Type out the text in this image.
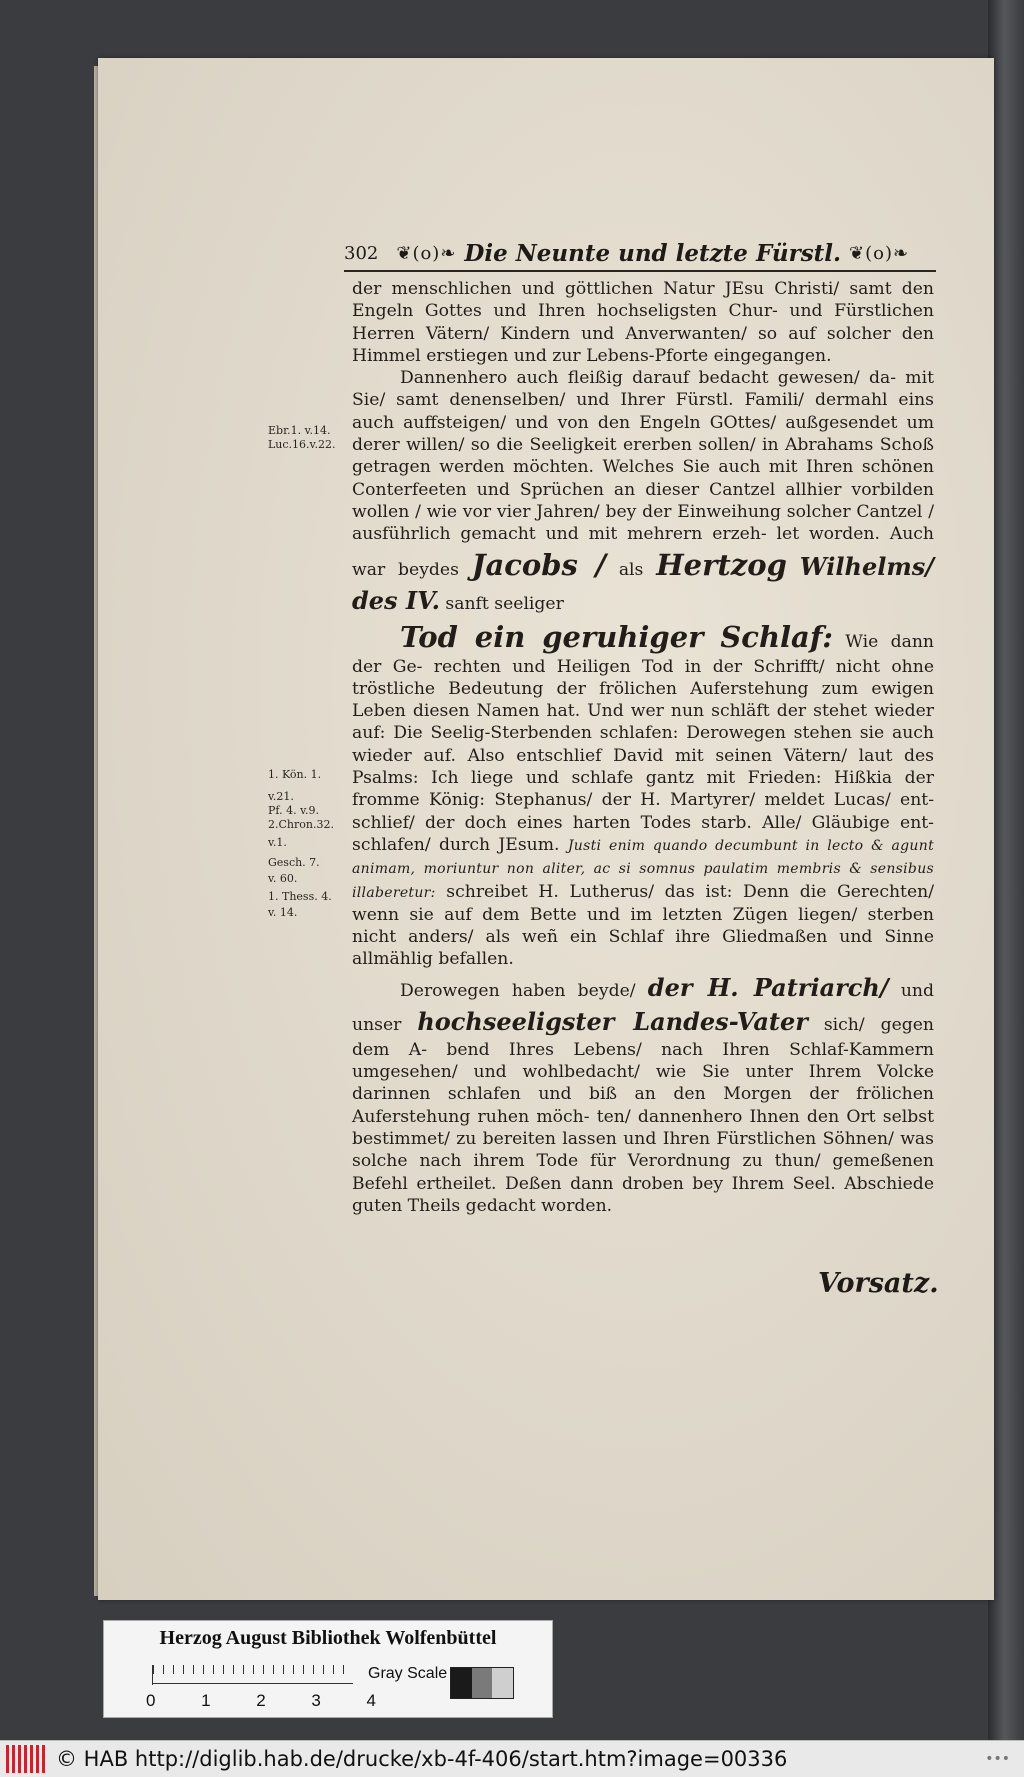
302 ❦(o)❧ Die Neunte und letzte Fürstl. ❦(o)❧
Ebr.1. v.14.
Luc.16.v.22.
1. Kön. 1.
v.21.
Pf. 4. v.9.
2.Chron.32.
v.1.
Gesch. 7.
v. 60.
1. Thess. 4.
v. 14.

der menschlichen und göttlichen Natur JEsu Christi/ samt den Engeln Gottes und Ihren hochseligsten Chur- und Fürstlichen Herren Vätern/ Kindern und Anverwanten/ so auf solcher den Himmel erstiegen und zur Lebens-Pforte eingegangen.

Dannenhero auch fleißig darauf bedacht gewesen/ da- mit Sie/ samt denenselben/ und Ihrer Fürstl. Famili/ dermahl eins auch auffsteigen/ und von den Engeln GOttes/ außgesendet um derer willen/ so die Seeligkeit ererben sollen/ in Abrahams Schoß getragen werden möchten. Welches Sie auch mit Ihren schönen Conterfeeten und Sprüchen an dieser Cantzel allhier vorbilden wollen / wie vor vier Jahren/ bey der Einweihung solcher Cantzel / ausführlich gemacht und mit mehrern erzeh- let worden. Auch war beydes Jacobs / als Hertzog Wilhelms/ des IV. sanft seeliger

Tod ein geruhiger Schlaf: Wie dann der Ge- rechten und Heiligen Tod in der Schrifft/ nicht ohne tröstliche Bedeutung der frölichen Auferstehung zum ewigen Leben diesen Namen hat. Und wer nun schläft der stehet wieder auf: Die Seelig-Sterbenden schlafen: Derowegen stehen sie auch wieder auf. Also entschlief David mit seinen Vätern/ laut des Psalms: Ich liege und schlafe gantz mit Frieden: Hißkia der fromme König: Stephanus/ der H. Martyrer/ meldet Lucas/ ent- schlief/ der doch eines harten Todes starb. Alle/ Gläubige ent- schlafen/ durch JEsum. Justi enim quando decumbunt in lecto & agunt animam, moriuntur non aliter, ac si somnus paulatim membris & sensibus illaberetur: schreibet H. Lutherus/ das ist: Denn die Gerechten/ wenn sie auf dem Bette und im letzten Zügen liegen/ sterben nicht anders/ als weñ ein Schlaf ihre Gliedmaßen und Sinne allmählig befallen.

Derowegen haben beyde/ der H. Patriarch/ und unser hochseeligster Landes-Vater sich/ gegen dem A- bend Ihres Lebens/ nach Ihren Schlaf-Kammern umgesehen/ und wohlbedacht/ wie Sie unter Ihrem Volcke darinnen schlafen und biß an den Morgen der frölichen Auferstehung ruhen möch- ten/ dannenhero Ihnen den Ort selbst bestimmet/ zu bereiten lassen und Ihren Fürstlichen Söhnen/ was solche nach ihrem Tode für Verordnung zu thun/ gemeßenen Befehl ertheilet. Deßen dann droben bey Ihrem Seel. Abschiede guten Theils gedacht worden.

Vorsatz.
Herzog August Bibliothek Wolfenbüttel
0	1	2	3	4
Gray Scale
© HAB http://diglib.hab.de/drucke/xb-4f-406/start.htm?image=00336	•••
